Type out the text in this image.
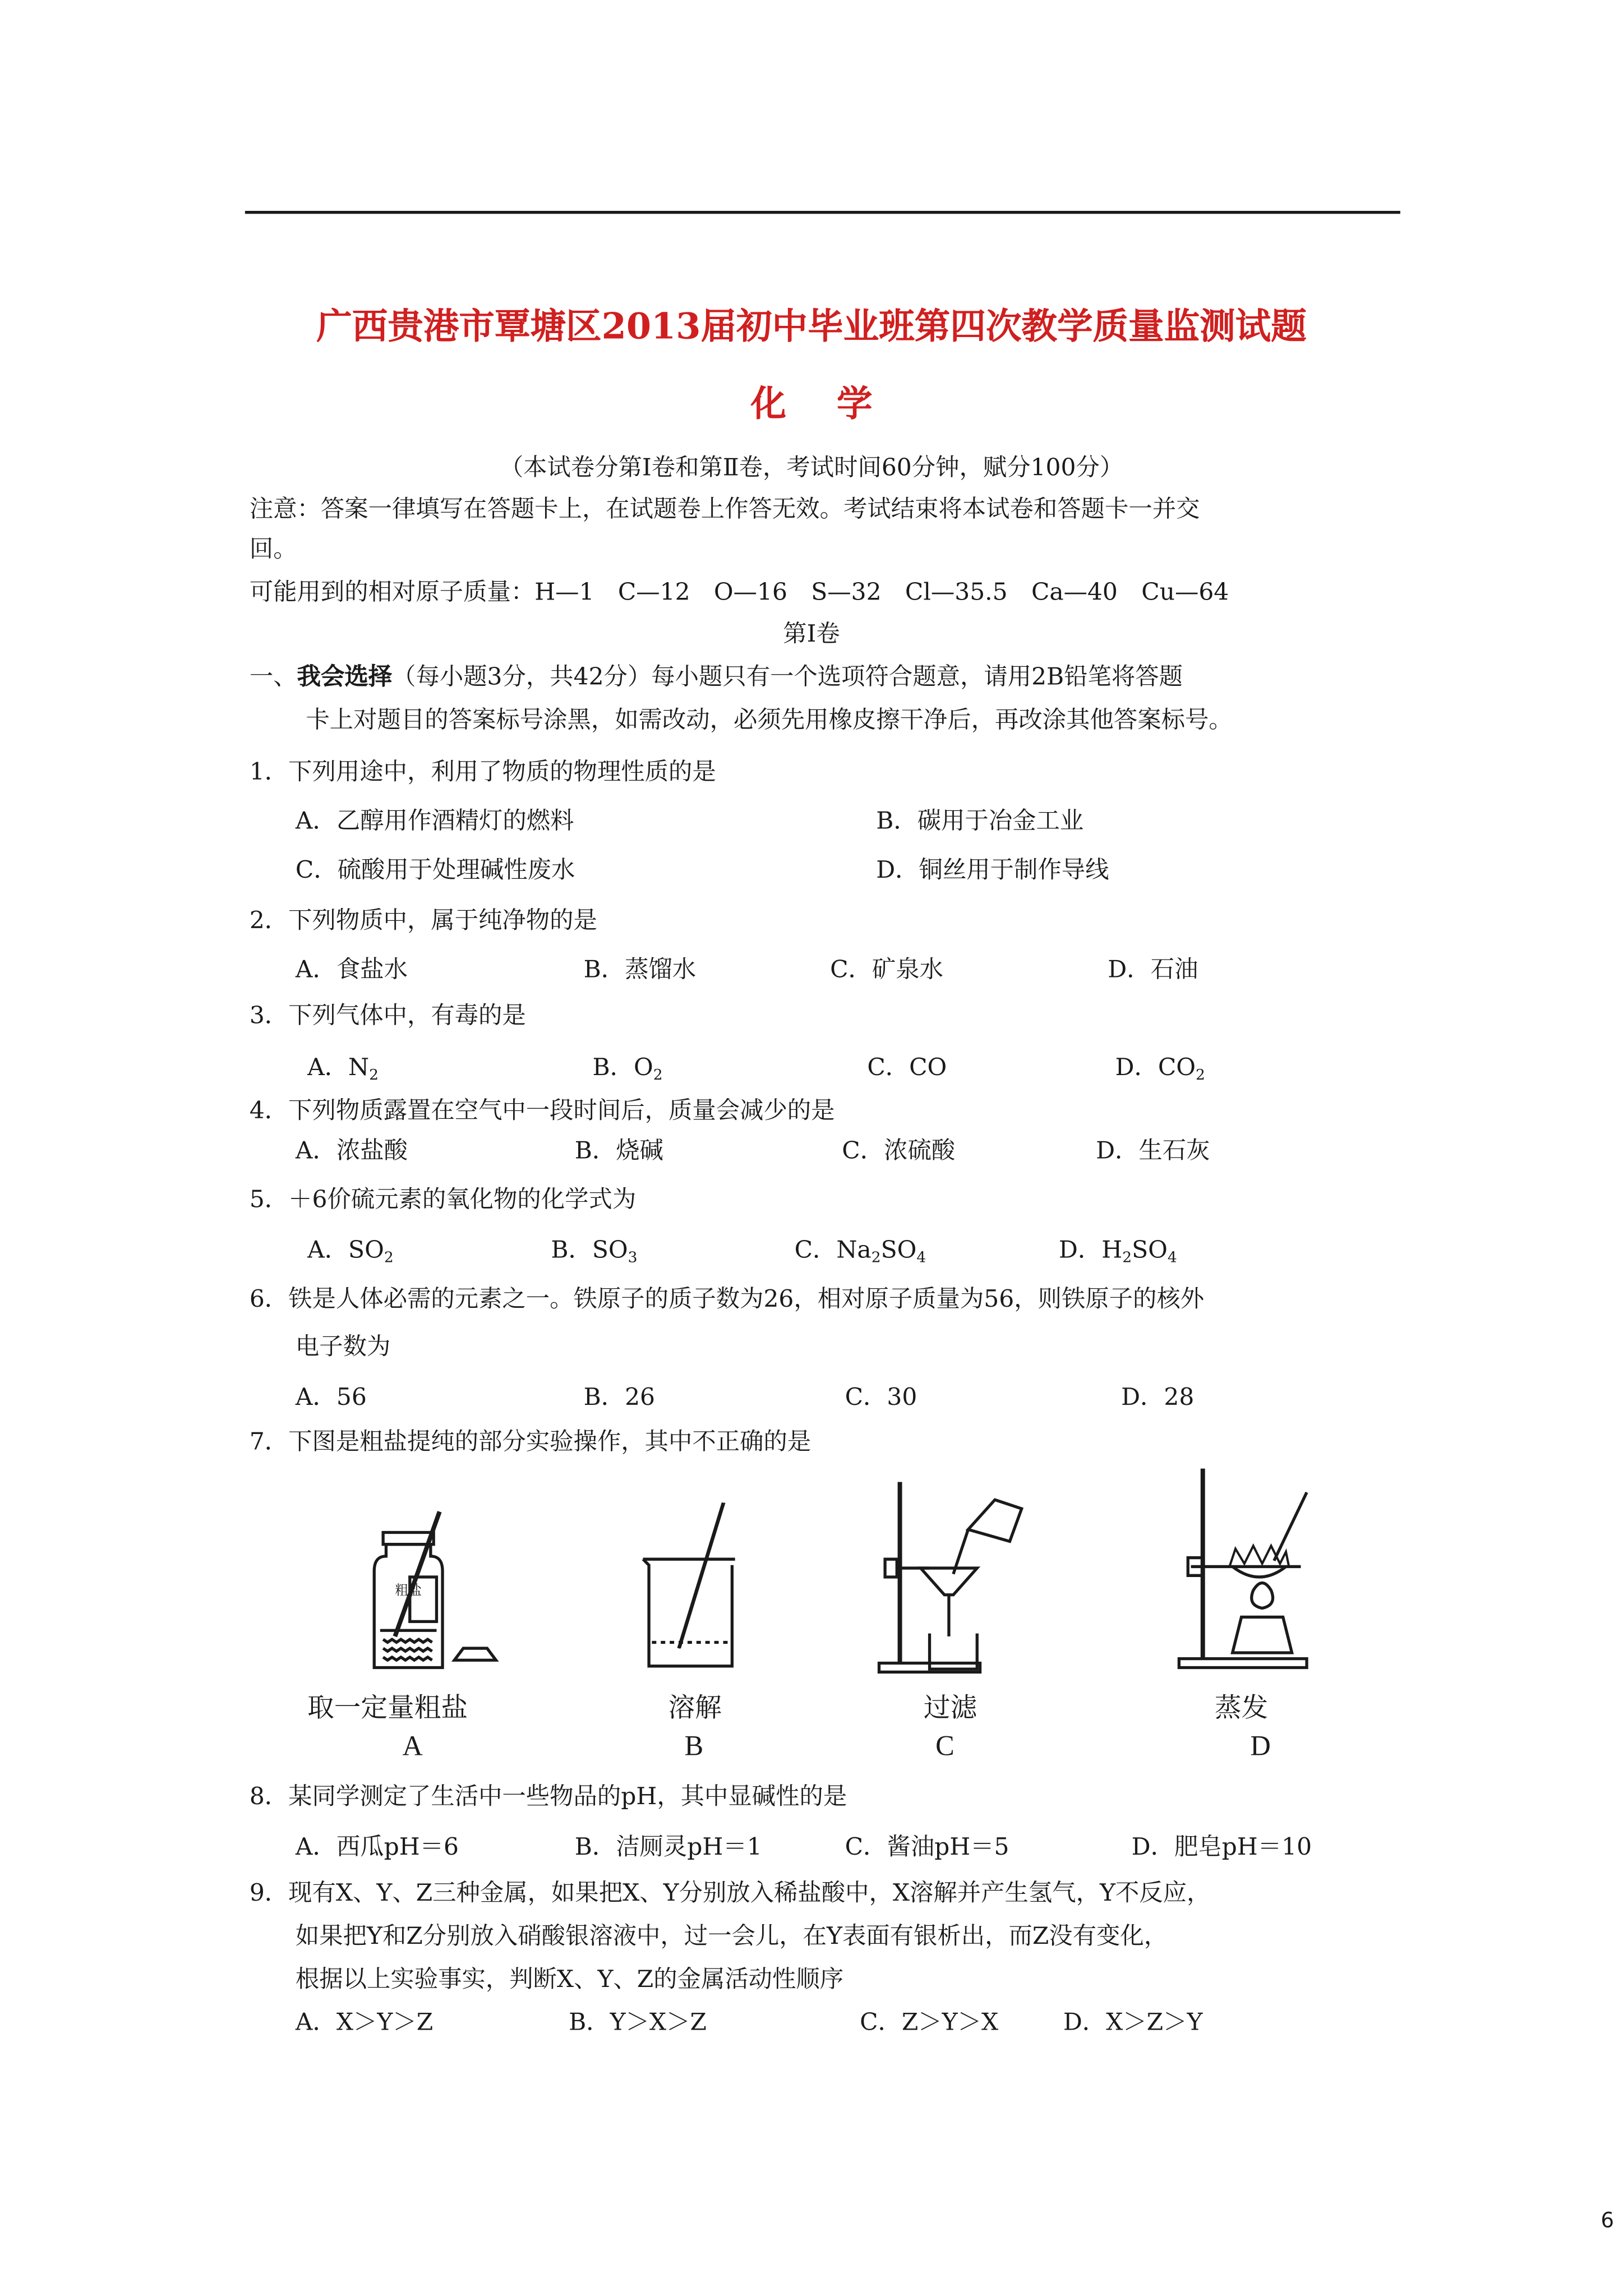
广西贵港市覃塘区2013届初中毕业班第四次教学质量监测试题
化学
（本试卷分第Ⅰ卷和第Ⅱ卷，考试时间60分钟，赋分100分）
注意：答案一律填写在答题卡上，在试题卷上作答无效。考试结束将本试卷和答题卡一并交
回。
可能用到的相对原子质量：H—1　C—12　O—16　S—32　Cl—35.5　Ca—40　Cu—64
第Ⅰ卷
一、我会选择（每小题3分，共42分）每小题只有一个选项符合题意，请用2B铅笔将答题
卡上对题目的答案标号涂黑，如需改动，必须先用橡皮擦干净后，再改涂其他答案标号。
1．下列用途中，利用了物质的物理性质的是
A．乙醇用作酒精灯的燃料	B．碳用于冶金工业
C．硫酸用于处理碱性废水	D．铜丝用于制作导线
2．下列物质中，属于纯净物的是
A．食盐水	B．蒸馏水	C．矿泉水	D．石油
3．下列气体中，有毒的是
A．$N_2$	B．$O_2$	C．CO	D．$CO_2$
4．下列物质露置在空气中一段时间后，质量会减少的是
A．浓盐酸	B．烧碱	C．浓硫酸	D．生石灰
5．＋6价硫元素的氧化物的化学式为
A．$SO_2$	B．$SO_3$	C．$Na_2SO_4$	D．$H_2SO_4$
6．铁是人体必需的元素之一。铁原子的质子数为26，相对原子质量为56，则铁原子的核外
电子数为
A．56	B．26	C．30	D．28
7．下图是粗盐提纯的部分实验操作，其中不正确的是
粗盐
取一定量粗盐	溶解	过滤	蒸发
A	B	C	D
8．某同学测定了生活中一些物品的pH，其中显碱性的是
A．西瓜pH＝6	B．洁厕灵pH＝1	C．酱油pH＝5	D．肥皂pH＝10
9．现有X、Y、Z三种金属，如果把X、Y分别放入稀盐酸中，X溶解并产生氢气，Y不反应，
如果把Y和Z分别放入硝酸银溶液中，过一会儿，在Y表面有银析出，而Z没有变化，
根据以上实验事实，判断X、Y、Z的金属活动性顺序
A．X＞Y＞Z	B．Y＞X＞Z	C．Z＞Y＞X	D．X＞Z＞Y
6
